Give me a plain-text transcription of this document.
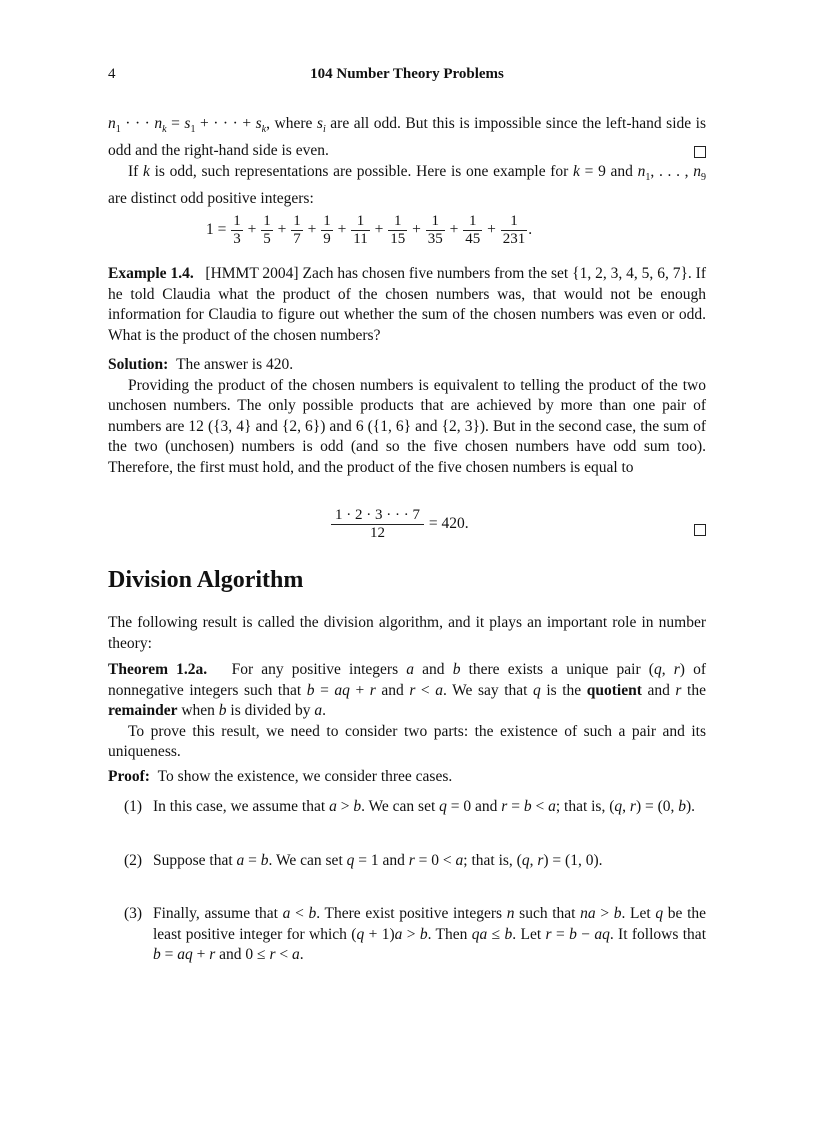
4	104 Number Theory Problems

$n_1$ · · · $n_k = s_1$ + · · · + $s_k$, where $s_i$ are all odd. But this is impossible since the left-hand side is odd and the right-hand side is even.

If k is odd, such representations are possible. Here is one example for k = 9 and $n_1$, . . . , $n_9$ are distinct odd positive integers:

$1 = \frac{1}{3} + \frac{1}{5} + \frac{1}{7} + \frac{1}{9} + \frac{1}{11} + \frac{1}{15} + \frac{1}{35} + \frac{1}{45} + \frac{1}{231}$ .

Example 1.4. [HMMT 2004] Zach has chosen five numbers from the set {1, 2, 3, 4, 5, 6, 7}. If he told Claudia what the product of the chosen numbers was, that would not be enough information for Claudia to figure out whether the sum of the chosen numbers was even or odd. What is the product of the chosen numbers?

Solution: The answer is 420.

Providing the product of the chosen numbers is equivalent to telling the product of the two unchosen numbers. The only possible products that are achieved by more than one pair of numbers are 12 ({3, 4} and {2, 6}) and 6 ({1, 6} and {2, 3}). But in the second case, the sum of the two (unchosen) numbers is odd (and so the five chosen numbers have odd sum too). Therefore, the first must hold, and the product of the five chosen numbers is equal to

$\frac{1 \cdot 2 \cdot 3 \cdot \cdot \cdot 7}{12} = 420$.
Division Algorithm

The following result is called the division algorithm, and it plays an important role in number theory:

Theorem 1.2a.   For any positive integers a and b there exists a unique pair (q, r) of nonnegative integers such that b = aq + r and r < a. We say that q is the quotient and r the remainder when b is divided by a.

To prove this result, we need to consider two parts: the existence of such a pair and its uniqueness.

Proof: To show the existence, we consider three cases.

(1) In this case, we assume that a > b. We can set q = 0 and r = b < a; that is, (q, r) = (0, b).

(2) Suppose that a = b. We can set q = 1 and r = 0 < a; that is, (q, r) = (1, 0).

(3) Finally, assume that a < b. There exist positive integers n such that na > b. Let q be the least positive integer for which (q + 1)a > b. Then qa ≤ b. Let r = b − aq. It follows that b = aq + r and 0 ≤ r < a.
